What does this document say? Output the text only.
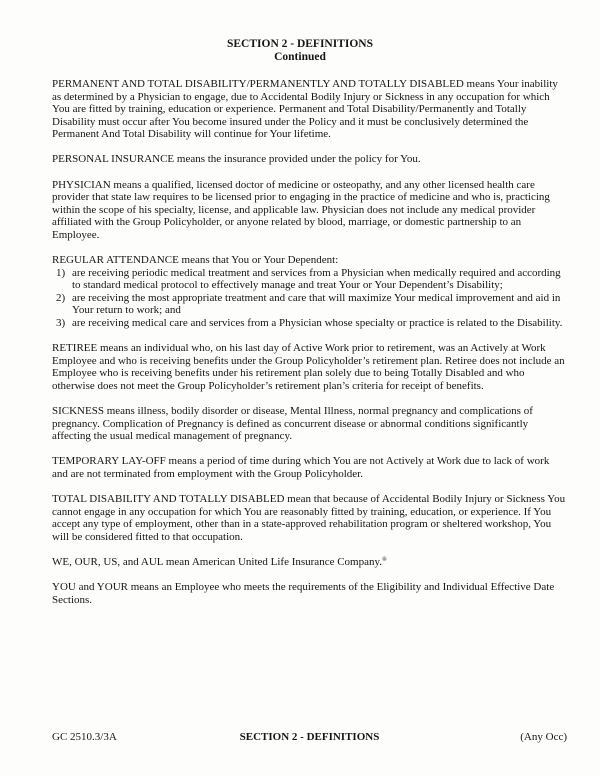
SECTION 2 - DEFINITIONS
Continued

PERMANENT AND TOTAL DISABILITY/PERMANENTLY AND TOTALLY DISABLED means Your inability as determined by a Physician to engage, due to Accidental Bodily Injury or Sickness in any occupation for which You are fitted by training, education or experience. Permanent and Total Disability/Permanently and Totally Disability must occur after You become insured under the Policy and it must be conclusively determined the Permanent And Total Disability will continue for Your lifetime.

PERSONAL INSURANCE means the insurance provided under the policy for You.

PHYSICIAN means a qualified, licensed doctor of medicine or osteopathy, and any other licensed health care provider that state law requires to be licensed prior to engaging in the practice of medicine and who is, practicing within the scope of his specialty, license, and applicable law. Physician does not include any medical provider affiliated with the Group Policyholder, or anyone related by blood, marriage, or domestic partnership to an Employee.

REGULAR ATTENDANCE means that You or Your Dependent:

1) are receiving periodic medical treatment and services from a Physician when medically required and according to standard medical protocol to effectively manage and treat Your or Your Dependent’s Disability;
2) are receiving the most appropriate treatment and care that will maximize Your medical improvement and aid in Your return to work; and
3) are receiving medical care and services from a Physician whose specialty or practice is related to the Disability.

RETIREE means an individual who, on his last day of Active Work prior to retirement, was an Actively at Work Employee and who is receiving benefits under the Group Policyholder’s retirement plan. Retiree does not include an Employee who is receiving benefits under his retirement plan solely due to being Totally Disabled and who otherwise does not meet the Group Policyholder’s retirement plan’s criteria for receipt of benefits.

SICKNESS means illness, bodily disorder or disease, Mental Illness, normal pregnancy and complications of pregnancy. Complication of Pregnancy is defined as concurrent disease or abnormal conditions significantly affecting the usual medical management of pregnancy.

TEMPORARY LAY-OFF means a period of time during which You are not Actively at Work due to lack of work and are not terminated from employment with the Group Policyholder.

TOTAL DISABILITY AND TOTALLY DISABLED mean that because of Accidental Bodily Injury or Sickness You cannot engage in any occupation for which You are reasonably fitted by training, education, or experience. If You accept any type of employment, other than in a state-approved rehabilitation program or sheltered workshop, You will be considered fitted to that occupation.

WE, OUR, US, and AUL mean American United Life Insurance Company.®

YOU and YOUR means an Employee who meets the requirements of the Eligibility and Individual Effective Date Sections.

GC 2510.3/3A	SECTION 2 - DEFINITIONS	(Any Occ)
